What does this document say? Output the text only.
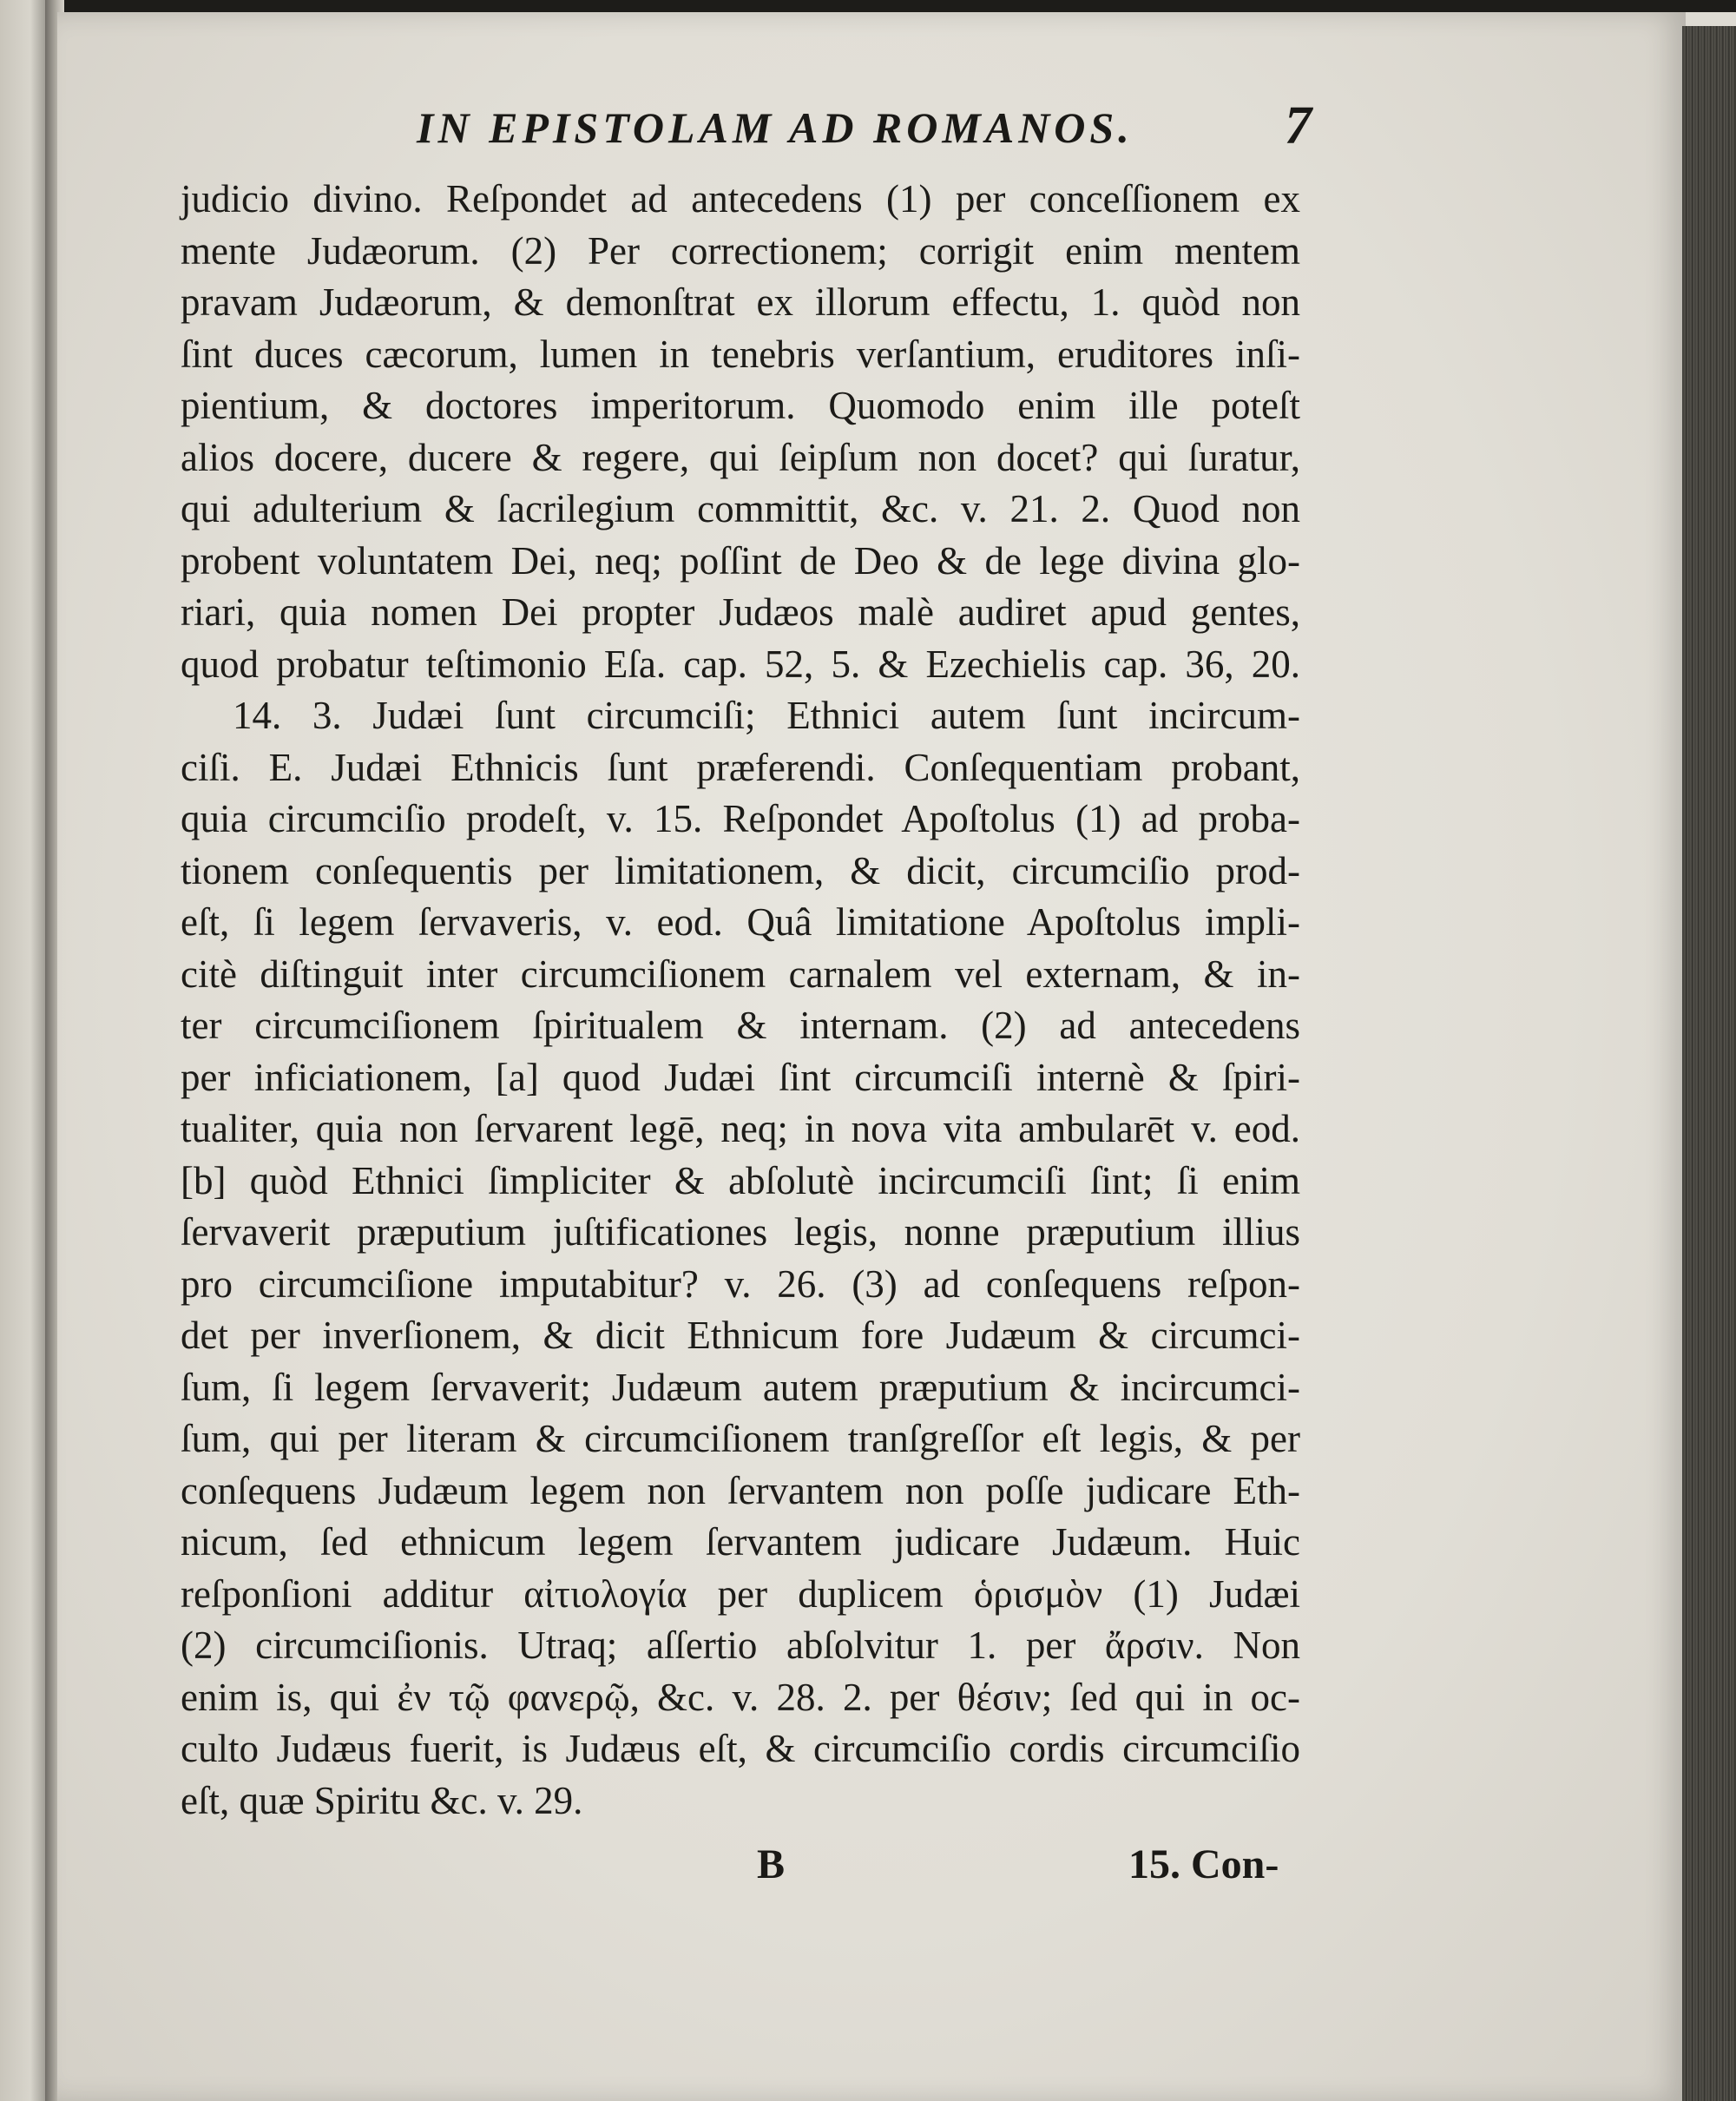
IN EPISTOLAM AD ROMANOS.	7
judicio divino. Reſpondet ad antecedens (1) per conceſſionem ex
mente Judæorum. (2) Per correctionem; corrigit enim mentem
pravam Judæorum, & demonſtrat ex illorum effectu, 1. quòd non
ſint duces cæcorum, lumen in tenebris verſantium, eruditores inſi-
pientium, & doctores imperitorum. Quomodo enim ille poteſt
alios docere, ducere & regere, qui ſeipſum non docet? qui ſuratur,
qui adulterium & ſacrilegium committit, &c. v. 21. 2. Quod non
probent voluntatem Dei, neq; poſſint de Deo & de lege divina glo-
riari, quia nomen Dei propter Judæos malè audiret apud gentes,
quod probatur teſtimonio Eſa. cap. 52, 5. & Ezechielis cap. 36, 20.
14. 3. Judæi ſunt circumciſi; Ethnici autem ſunt incircum-
ciſi. E. Judæi Ethnicis ſunt præferendi. Conſequentiam probant,
quia circumciſio prodeſt, v. 15. Reſpondet Apoſtolus (1) ad proba-
tionem conſequentis per limitationem, & dicit, circumciſio prod-
eſt, ſi legem ſervaveris, v. eod. Quâ limitatione Apoſtolus impli-
citè diſtinguit inter circumciſionem carnalem vel externam, & in-
ter circumciſionem ſpiritualem & internam. (2) ad antecedens
per inficiationem, [a] quod Judæi ſint circumciſi internè & ſpiri-
tualiter, quia non ſervarent legē, neq; in nova vita ambularēt v. eod.
[b] quòd Ethnici ſimpliciter & abſolutè incircumciſi ſint; ſi enim
ſervaverit præputium juſtificationes legis, nonne præputium illius
pro circumciſione imputabitur? v. 26. (3) ad conſequens reſpon-
det per inverſionem, & dicit Ethnicum fore Judæum & circumci-
ſum, ſi legem ſervaverit; Judæum autem præputium & incircumci-
ſum, qui per literam & circumciſionem tranſgreſſor eſt legis, & per
conſequens Judæum legem non ſervantem non poſſe judicare Eth-
nicum, ſed ethnicum legem ſervantem judicare Judæum. Huic
reſponſioni additur αἰτιολογία per duplicem ὁρισμὸν (1) Judæi
(2) circumciſionis. Utraq; aſſertio abſolvitur 1. per ἄρσιν. Non
enim is, qui ἐν τῷ φανερῷ, &c. v. 28. 2. per θέσιν; ſed qui in oc-
culto Judæus fuerit, is Judæus eſt, & circumciſio cordis circumciſio
eſt, quæ Spiritu &c. v. 29.
B	15. Con-
